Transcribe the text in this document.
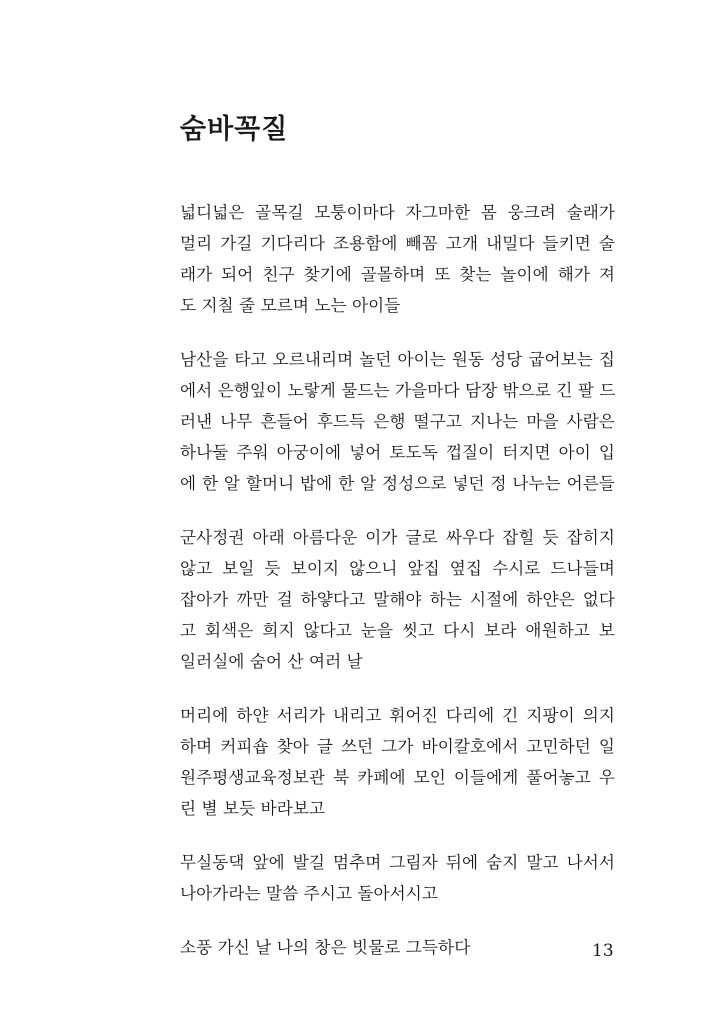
숨바꼭질

넓디넓은 골목길 모퉁이마다 자그마한 몸 웅크려 술래가
멀리 가길 기다리다 조용함에 빼꼼 고개 내밀다 들키면 술
래가 되어 친구 찾기에 골몰하며 또 찾는 놀이에 해가 져
도 지칠 줄 모르며 노는 아이들

남산을 타고 오르내리며 놀던 아이는 원동 성당 굽어보는 집
에서 은행잎이 노랗게 물드는 가을마다 담장 밖으로 긴 팔 드
러낸 나무 흔들어 후드득 은행 떨구고 지나는 마을 사람은
하나둘 주워 아궁이에 넣어 토도독 껍질이 터지면 아이 입
에 한 알 할머니 밥에 한 알 정성으로 넣던 정 나누는 어른들

군사정권 아래 아름다운 이가 글로 싸우다 잡힐 듯 잡히지
않고 보일 듯 보이지 않으니 앞집 옆집 수시로 드나들며
잡아가 까만 걸 하얗다고 말해야 하는 시절에 하얀은 없다
고 회색은 희지 않다고 눈을 씻고 다시 보라 애원하고 보
일러실에 숨어 산 여러 날

머리에 하얀 서리가 내리고 휘어진 다리에 긴 지팡이 의지
하며 커피숍 찾아 글 쓰던 그가 바이칼호에서 고민하던 일
원주평생교육정보관 북 카페에 모인 이들에게 풀어놓고 우
린 별 보듯 바라보고

무실동댁 앞에 발길 멈추며 그림자 뒤에 숨지 말고 나서서
나아가라는 말씀 주시고 돌아서시고

소풍 가신 날 나의 창은 빗물로 그득하다	13
